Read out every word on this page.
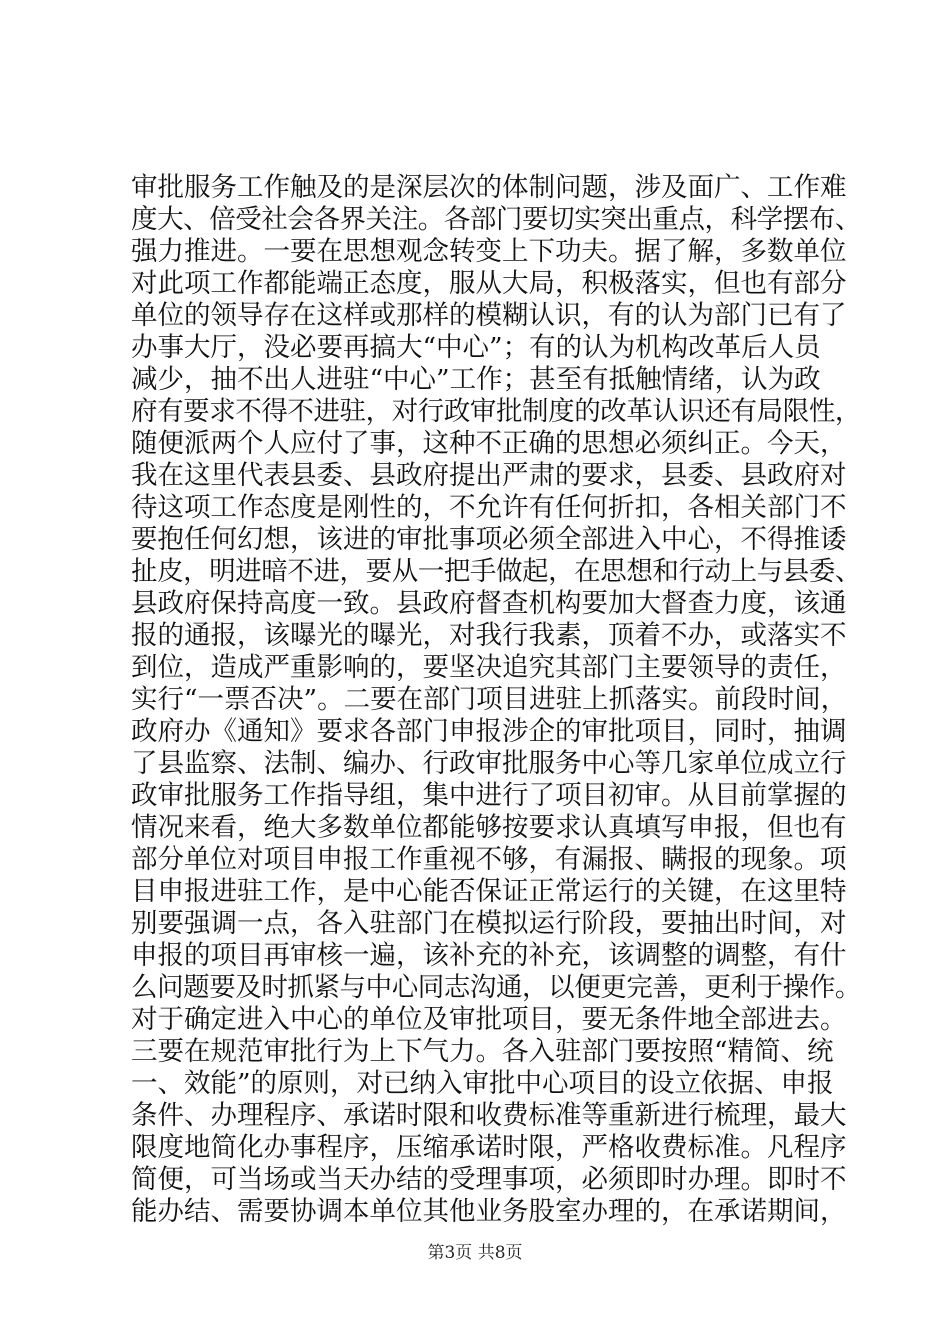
审批服务工作触及的是深层次的体制问题，涉及面广、工作难
度大、倍受社会各界关注。各部门要切实突出重点，科学摆布、
强力推进。一要在思想观念转变上下功夫。据了解，多数单位
对此项工作都能端正态度，服从大局，积极落实，但也有部分
单位的领导存在这样或那样的模糊认识，有的认为部门已有了
办事大厅，没必要再搞大“中心”；有的认为机构改革后人员
减少，抽不出人进驻“中心”工作；甚至有抵触情绪，认为政
府有要求不得不进驻，对行政审批制度的改革认识还有局限性，
随便派两个人应付了事，这种不正确的思想必须纠正。今天，
我在这里代表县委、县政府提出严肃的要求，县委、县政府对
待这项工作态度是刚性的，不允许有任何折扣，各相关部门不
要抱任何幻想，该进的审批事项必须全部进入中心，不得推诿
扯皮，明进暗不进，要从一把手做起，在思想和行动上与县委、
县政府保持高度一致。县政府督查机构要加大督查力度，该通
报的通报，该曝光的曝光，对我行我素，顶着不办，或落实不
到位，造成严重影响的，要坚决追究其部门主要领导的责任，
实行“一票否决”。二要在部门项目进驻上抓落实。前段时间，
政府办《通知》要求各部门申报涉企的审批项目，同时，抽调
了县监察、法制、编办、行政审批服务中心等几家单位成立行
政审批服务工作指导组，集中进行了项目初审。从目前掌握的
情况来看，绝大多数单位都能够按要求认真填写申报，但也有
部分单位对项目申报工作重视不够，有漏报、瞒报的现象。项
目申报进驻工作，是中心能否保证正常运行的关键，在这里特
别要强调一点，各入驻部门在模拟运行阶段，要抽出时间，对
申报的项目再审核一遍，该补充的补充，该调整的调整，有什
么问题要及时抓紧与中心同志沟通，以便更完善，更利于操作。
对于确定进入中心的单位及审批项目，要无条件地全部进去。
三要在规范审批行为上下气力。各入驻部门要按照“精简、统
一、效能”的原则，对已纳入审批中心项目的设立依据、申报
条件、办理程序、承诺时限和收费标准等重新进行梳理，最大
限度地简化办事程序，压缩承诺时限，严格收费标准。凡程序
简便，可当场或当天办结的受理事项，必须即时办理。即时不
能办结、需要协调本单位其他业务股室办理的，在承诺期间，
第3页 共8页
